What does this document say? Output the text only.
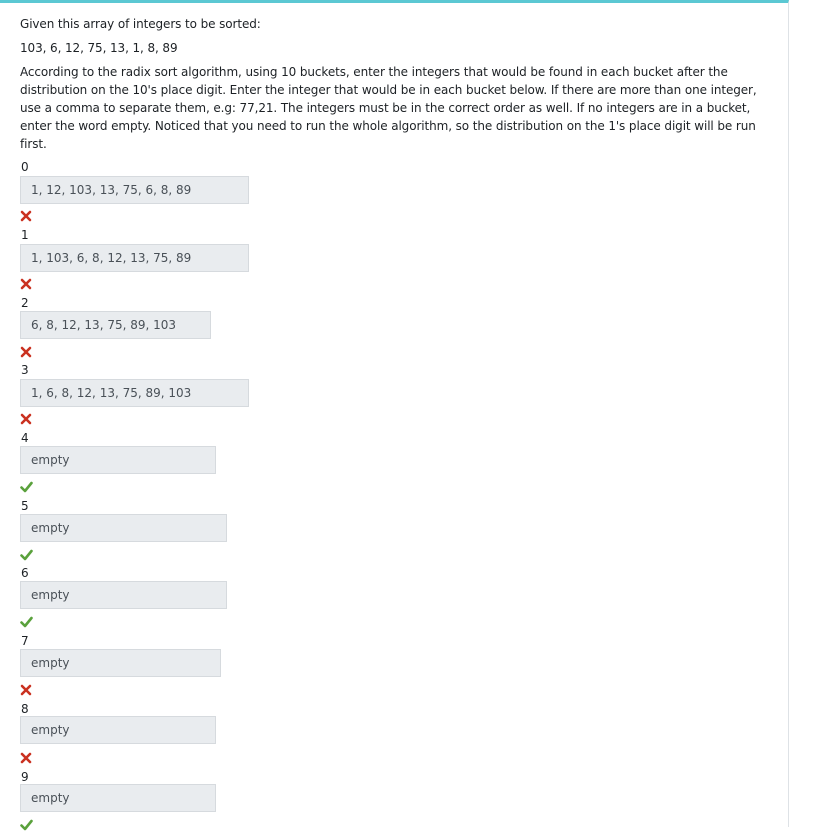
Given this array of integers to be sorted:

103, 6, 12, 75, 13, 1, 8, 89

According to the radix sort algorithm, using 10 buckets, enter the integers that would be found in each bucket after the distribution on the 10's place digit. Enter the integer that would be in each bucket below. If there are more than one integer, use a comma to separate them, e.g: 77,21. The integers must be in the correct order as well. If no integers are in a bucket, enter the word empty. Noticed that you need to run the whole algorithm, so the distribution on the 1's place digit will be run first.

0
1, 12, 103, 13, 75, 6, 8, 89
1
1, 103, 6, 8, 12, 13, 75, 89
2
6, 8, 12, 13, 75, 89, 103
3
1, 6, 8, 12, 13, 75, 89, 103
4
empty
5
empty
6
empty
7
empty
8
empty
9
empty
